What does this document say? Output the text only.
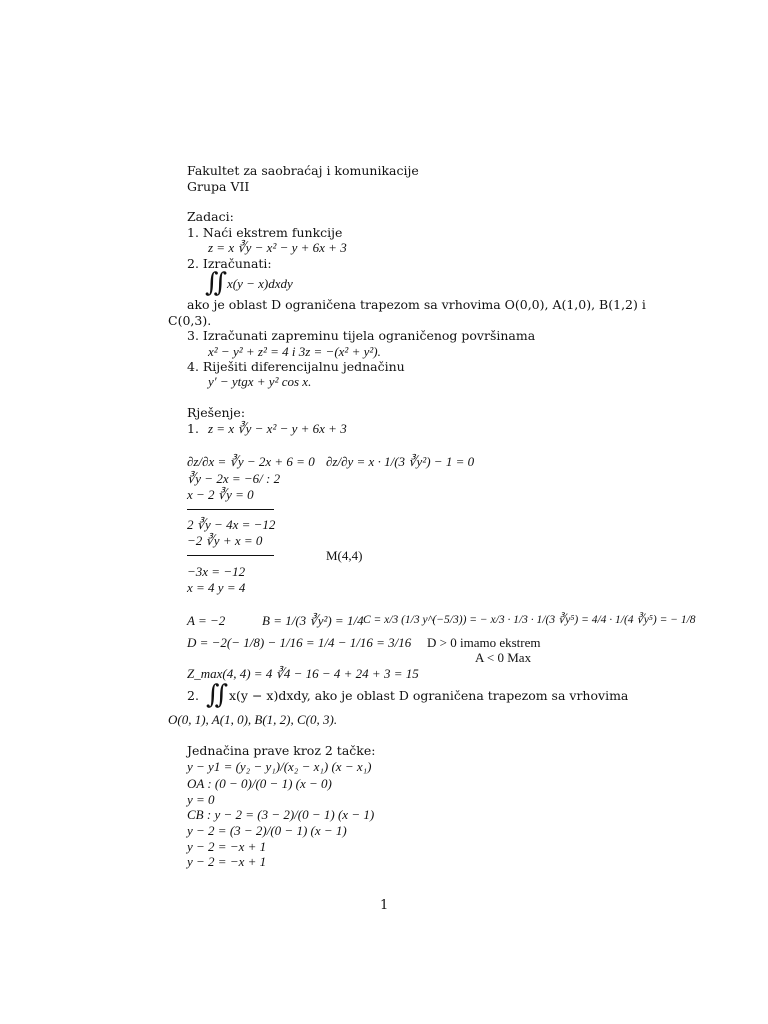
Fakultet za saobraćaj i komunikacije
Grupa VII
Zadaci:
1. Naći ekstrem funkcije
z = x ∛y − x² − y + 6x + 3
2. Izračunati:
∬ x(y − x)dxdy
ako je oblast D ograničena trapezom sa vrhovima O(0,0), A(1,0), B(1,2) i
C(0,3).
3. Izračunati zapreminu tijela ograničenog površinama
x² − y² + z² = 4 i 3z = −(x² + y²).
4. Riješiti diferencijalnu jednačinu
y′ − ytgx + y² cos x.
Rješenje:
1. z = x ∛y − x² − y + 6x + 3
∂z/∂x = ∛y − 2x + 6 = 0 ∂z/∂y = x · 1/(3 ∛y²) − 1 = 0
∛y − 2x = −6/ : 2
x − 2 ∛y = 0
2 ∛y − 4x = −12
−2 ∛y + x = 0
M(4,4)
−3x = −12
x = 4 y = 4
A = −2	B = 1/(3 ∛y²) = 1/4 C = x/3 (1/3 y^(−5/3)) = − x/3 · 1/3 · 1/(3 ∛y⁵) = 4/4 · 1/(4 ∛y⁵) = − 1/8
D = −2(− 1/8) − 1/16 = 1/4 − 1/16 = 3/16 D > 0 imamo ekstrem
A < 0 Max
Z_max(4, 4) = 4 ∛4 − 16 − 4 + 24 + 3 = 15
2. ∬ x(y − x)dxdy, ako je oblast D ograničena trapezom sa vrhovima
O(0, 1), A(1, 0), B(1, 2), C(0, 3).
Jednačina prave kroz 2 tačke:
y − y1 = (y₂ − y₁)/(x₂ − x₁) (x − x₁)
OA : (0 − 0)/(0 − 1) (x − 0)
y = 0
CB : y − 2 = (3 − 2)/(0 − 1) (x − 1)
y − 2 = (3 − 2)/(0 − 1) (x − 1)
y − 2 = −x + 1
y − 2 = −x + 1
1
